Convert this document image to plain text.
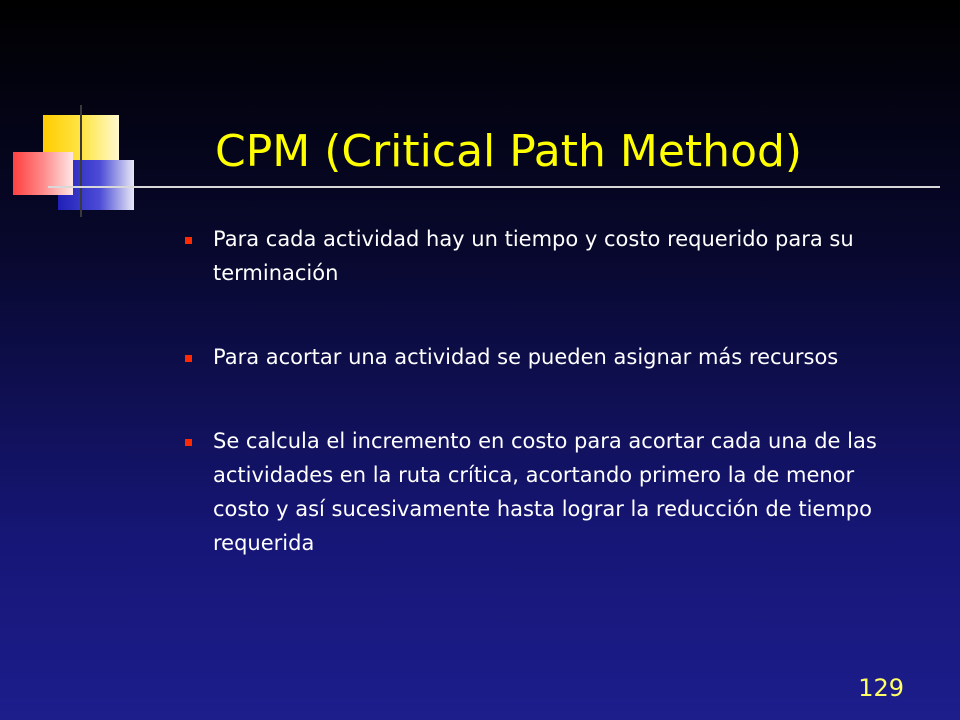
CPM (Critical Path Method)
Para cada actividad hay un tiempo y costo requerido para su terminación
Para acortar una actividad se pueden asignar más recursos
Se calcula el incremento en costo para acortar cada una de las actividades en la ruta crítica, acortando primero la de menor costo y así sucesivamente hasta lograr la reducción de tiempo requerida
129
